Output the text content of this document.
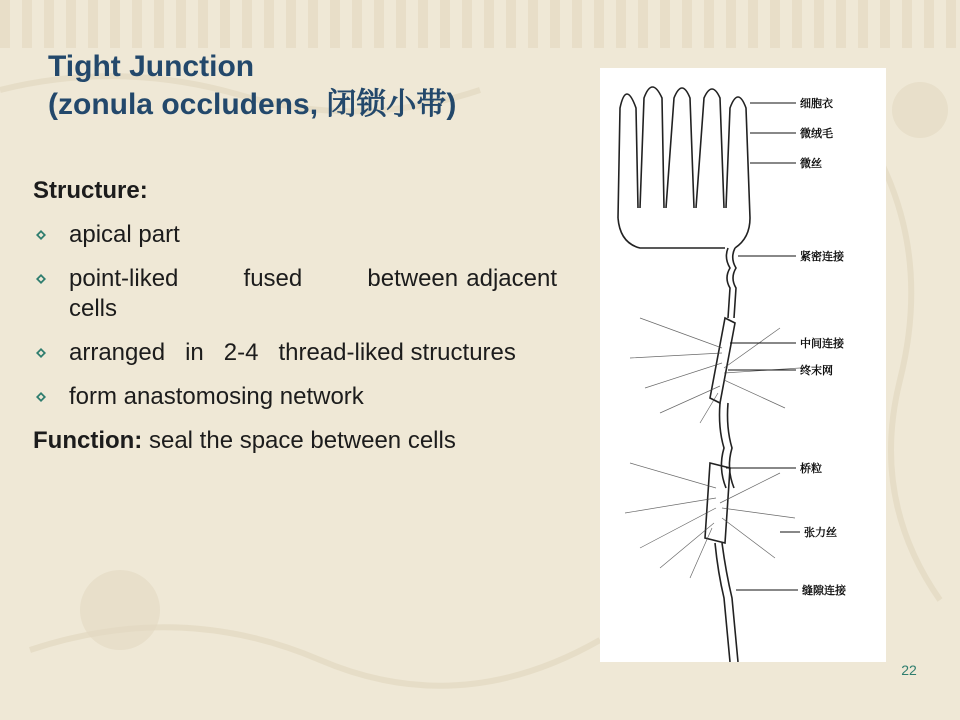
Tight Junction
(zonula occludens, 闭锁小带)
Structure:
apical part
point-liked        fused        between adjacent cells
arranged   in   2-4   thread-liked structures
form anastomosing network
Function: seal the space between cells
细胞衣
微绒毛
微丝
紧密连接
中间连接
终末网
桥粒
张力丝
缝隙连接
22
